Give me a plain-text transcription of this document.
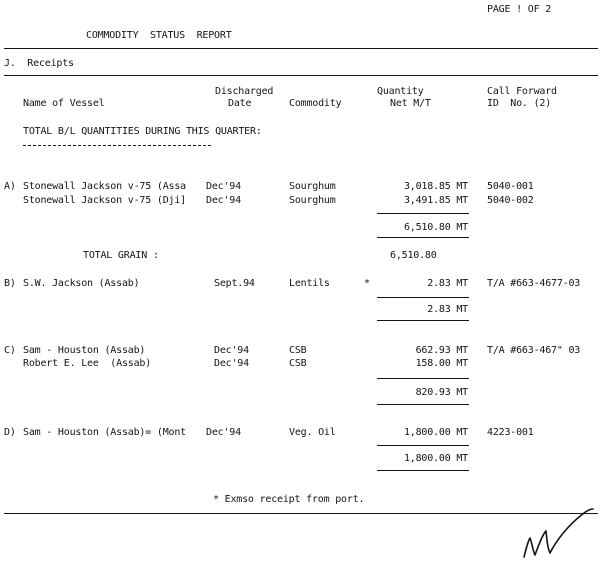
PAGE ! OF 2
COMMODITY  STATUS  REPORT
J.  Receipts
Discharged
Date
Name of Vessel	Commodity
Quantity
Net M/T
Call Forward
ID  No. (2)
TOTAL B/L QUANTITIES DURING THIS QUARTER:
A) Stonewall Jackson v-75 (Assa Dec'94	Sourghum	3,018.85 MT 5040-001
Stonewall Jackson v-75 (Dji] Dec'94	Sourghum	3,491.85 MT 5040-002
6,510.80 MT
TOTAL GRAIN :	6,510.80
B) S.W. Jackson (Assab)	Sept.94	Lentils	*	2.83 MT T/A #663-4677-03
2.83 MT
C) Sam - Houston (Assab)	Dec'94	CSB	662.93 MT T/A #663-467" 03
Robert E. Lee  (Assab)	Dec'94	CSB	158.00 MT
820.93 MT
D) Sam - Houston (Assab)= (Mont Dec'94	Veg. Oil	1,800.00 MT 4223-001
1,800.00 MT
* Exmso receipt from port.
